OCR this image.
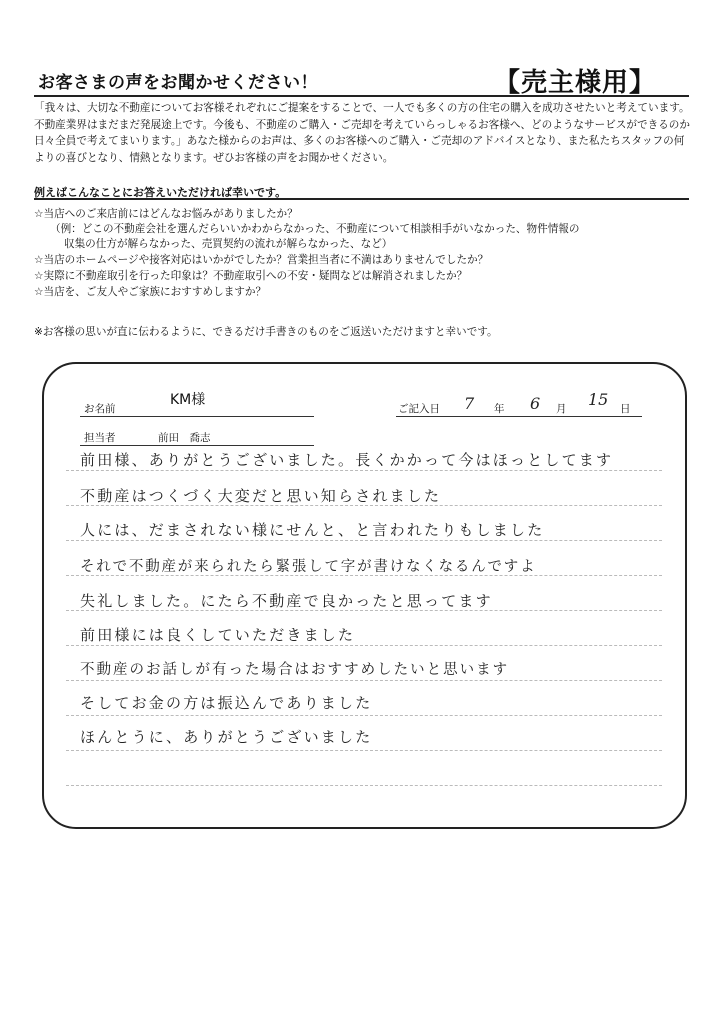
お客さまの声をお聞かせください！	【売主様用】
「我々は、大切な不動産についてお客様それぞれにご提案をすることで、一人でも多くの方の住宅の購入を成功させたいと考えています。不動産業界はまだまだ発展途上です。今後も、不動産のご購入・ご売却を考えていらっしゃるお客様へ、どのようなサービスができるのか日々全員で考えてまいります。」あなた様からのお声は、多くのお客様へのご購入・ご売却のアドバイスとなり、また私たちスタッフの何よりの喜びとなり、情熱となります。ぜひお客様の声をお聞かせください。
例えばこんなことにお答えいただければ幸いです。
☆当店へのご来店前にはどんなお悩みがありましたか？
（例：どこの不動産会社を選んだらいいかわからなかった、不動産について相談相手がいなかった、物件情報の
収集の仕方が解らなかった、売買契約の流れが解らなかった、など）
☆当店のホームページや接客対応はいかがでしたか？営業担当者に不満はありませんでしたか？
☆実際に不動産取引を行った印象は？不動産取引への不安・疑問などは解消されましたか？
☆当店を、ご友人やご家族におすすめしますか？
※お客様の思いが直に伝わるように、できるだけ手書きのものをご返送いただけますと幸いです。
お名前
KM様
ご記入日 7 年 6 月 15 日
担当者	前田　喬志
前田様、ありがとうございました。長くかかって今はほっとしてます
不動産はつくづく大変だと思い知らされました
人には、だまされない様にせんと、と言われたりもしました
それで不動産が来られたら緊張して字が書けなくなるんですよ
失礼しました。にたら不動産で良かったと思ってます
前田様には良くしていただきました
不動産のお話しが有った場合はおすすめしたいと思います
そしてお金の方は振込んでありました
ほんとうに、ありがとうございました
